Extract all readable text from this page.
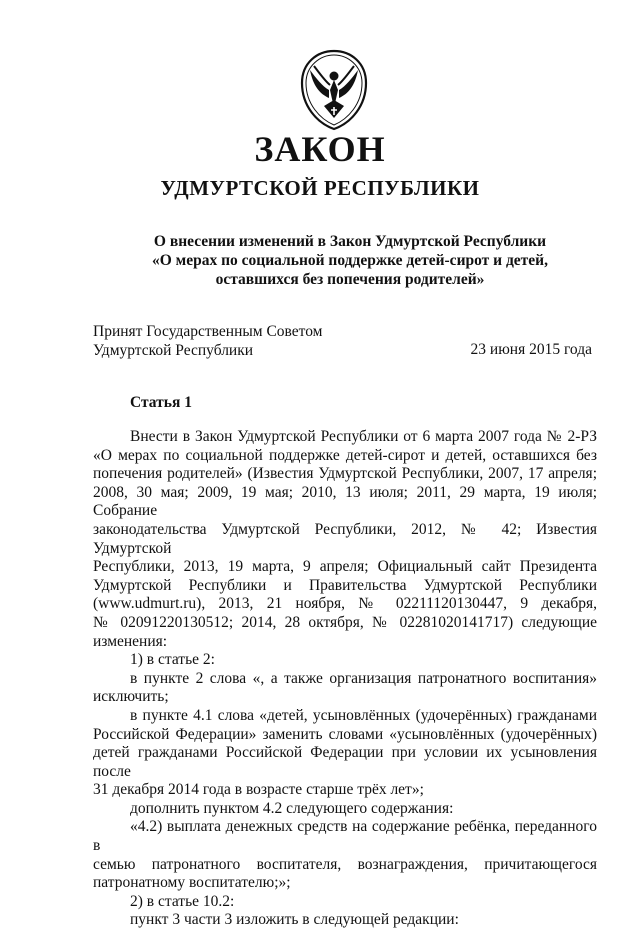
ЗАКОН
УДМУРТСКОЙ РЕСПУБЛИКИ
О внесении изменений в Закон Удмуртской Республики
«О мерах по социальной поддержке детей-сирот и детей,
оставшихся без попечения родителей»
Принят Государственным Советом
Удмуртской Республики	23 июня 2015 года
Статья 1

Внести в Закон Удмуртской Республики от 6 марта 2007 года № 2-РЗ

«О мерах по социальной поддержке детей-сирот и детей, оставшихся без

попечения родителей» (Известия Удмуртской Республики, 2007, 17 апреля;

2008, 30 мая; 2009, 19 мая; 2010, 13 июля; 2011, 29 марта, 19 июля; Собрание

законодательства Удмуртской Республики, 2012, № 42; Известия Удмуртской

Республики, 2013, 19 марта, 9 апреля; Официальный сайт Президента

Удмуртской Республики и Правительства Удмуртской Республики

(www.udmurt.ru), 2013, 21 ноября, № 02211120130447, 9 декабря,

№ 02091220130512; 2014, 28 октября, № 02281020141717) следующие

изменения:

1) в статье 2:

в пункте 2 слова «, а также организация патронатного воспитания»

исключить;

в пункте 4.1 слова «детей, усыновлённых (удочерённых) гражданами

Российской Федерации» заменить словами «усыновлённых (удочерённых)

детей гражданами Российской Федерации при условии их усыновления после

31 декабря 2014 года в возрасте старше трёх лет»;

дополнить пунктом 4.2 следующего содержания:

«4.2) выплата денежных средств на содержание ребёнка, переданного в

семью патронатного воспитателя, вознаграждения, причитающегося

патронатному воспитателю;»;

2) в статье 10.2:

пункт 3 части 3 изложить в следующей редакции:
